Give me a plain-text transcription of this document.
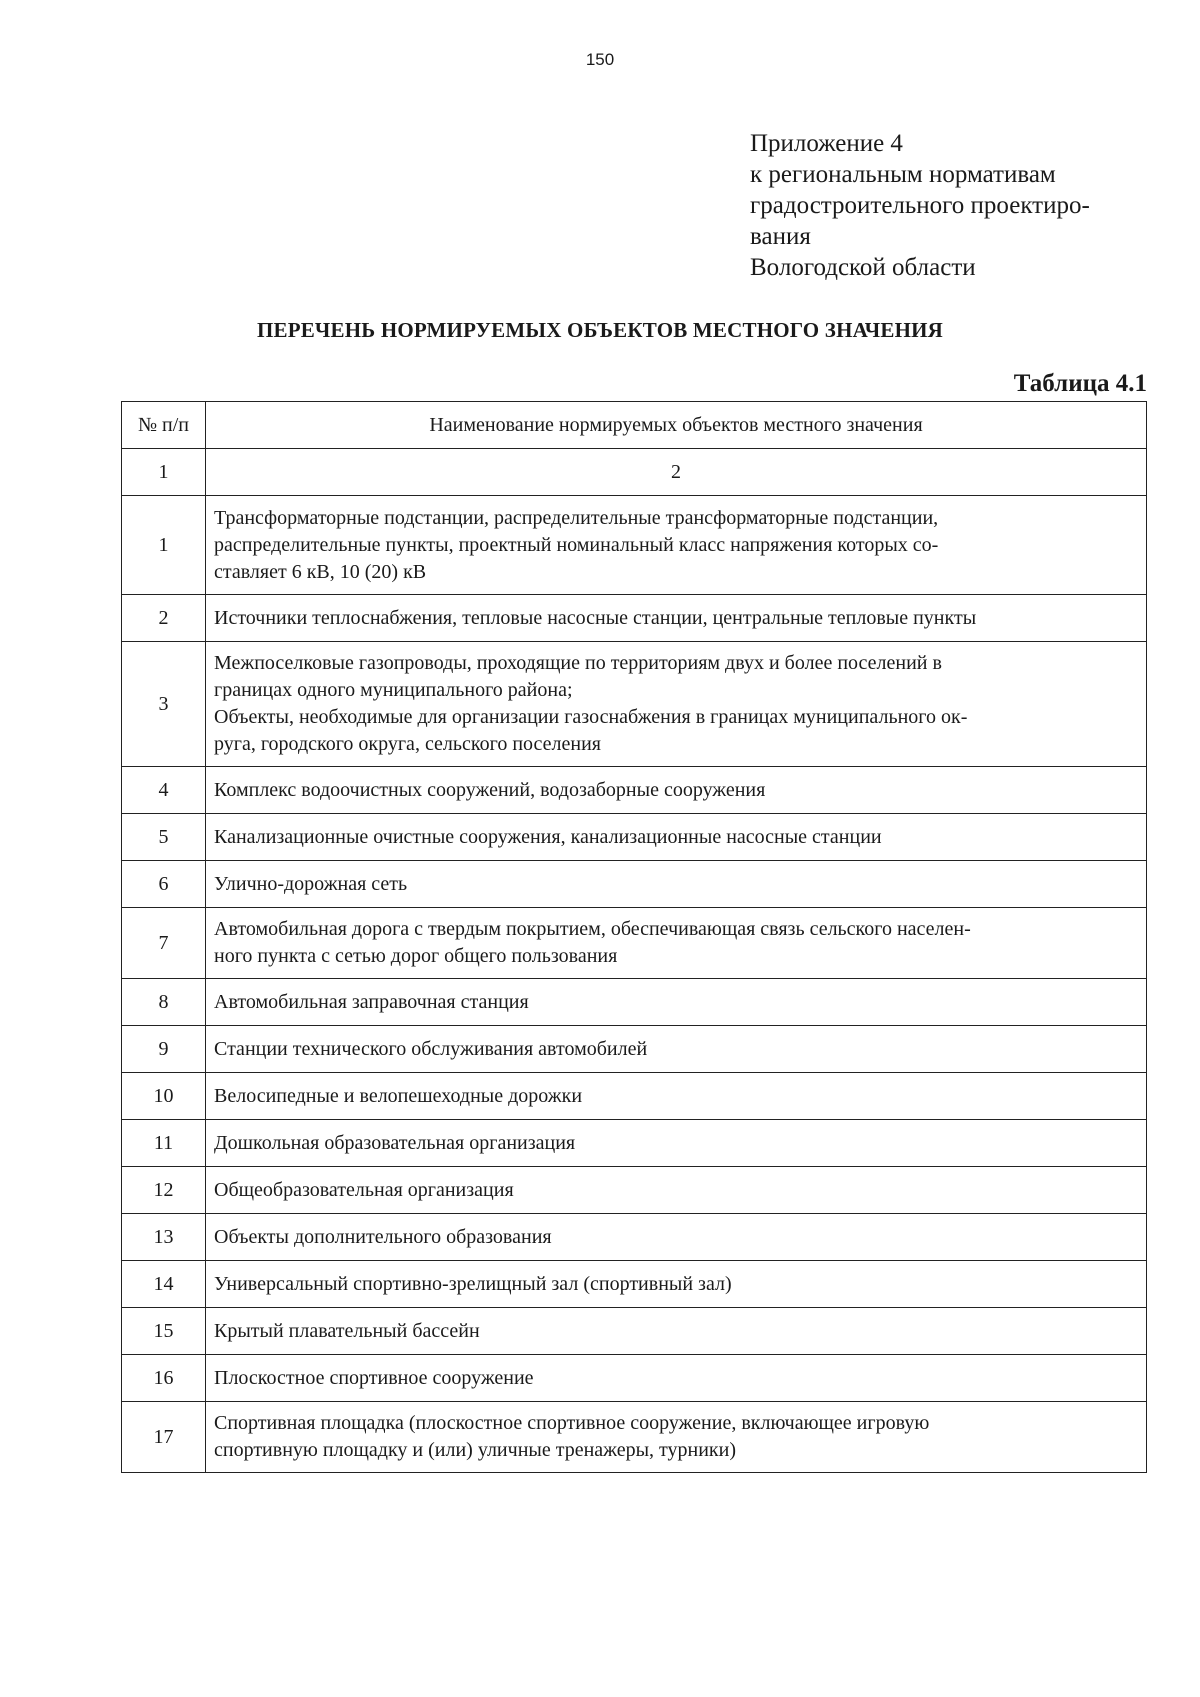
150
Приложение 4
к региональным нормативам
градостроительного проектиро-
вания
Вологодской области
ПЕРЕЧЕНЬ НОРМИРУЕМЫХ ОБЪЕКТОВ МЕСТНОГО ЗНАЧЕНИЯ
Таблица 4.1
№ п/п	Наименование нормируемых объектов местного значения
1	2
1	Трансформаторные подстанции, распределительные трансформаторные подстанции,
распределительные пункты, проектный номинальный класс напряжения которых со-
ставляет 6 кВ, 10 (20) кВ

2	Источники теплоснабжения, тепловые насосные станции, центральные тепловые пункты

3	Межпоселковые газопроводы, проходящие по территориям двух и более поселений в
границах одного муниципального района;
Объекты, необходимые для организации газоснабжения в границах муниципального ок-
руга, городского округа, сельского поселения

4	Комплекс водоочистных сооружений, водозаборные сооружения

5	Канализационные очистные сооружения, канализационные насосные станции

6	Улично-дорожная сеть

7	Автомобильная дорога с твердым покрытием, обеспечивающая связь сельского населен-
ного пункта с сетью дорог общего пользования

8	Автомобильная заправочная станция

9	Станции технического обслуживания автомобилей

10	Велосипедные и велопешеходные дорожки

11	Дошкольная образовательная организация

12	Общеобразовательная организация

13	Объекты дополнительного образования

14	Универсальный спортивно-зрелищный зал (спортивный зал)

15	Крытый плавательный бассейн

16	Плоскостное спортивное сооружение

17	Спортивная площадка (плоскостное спортивное сооружение, включающее игровую
спортивную площадку и (или) уличные тренажеры, турники)
